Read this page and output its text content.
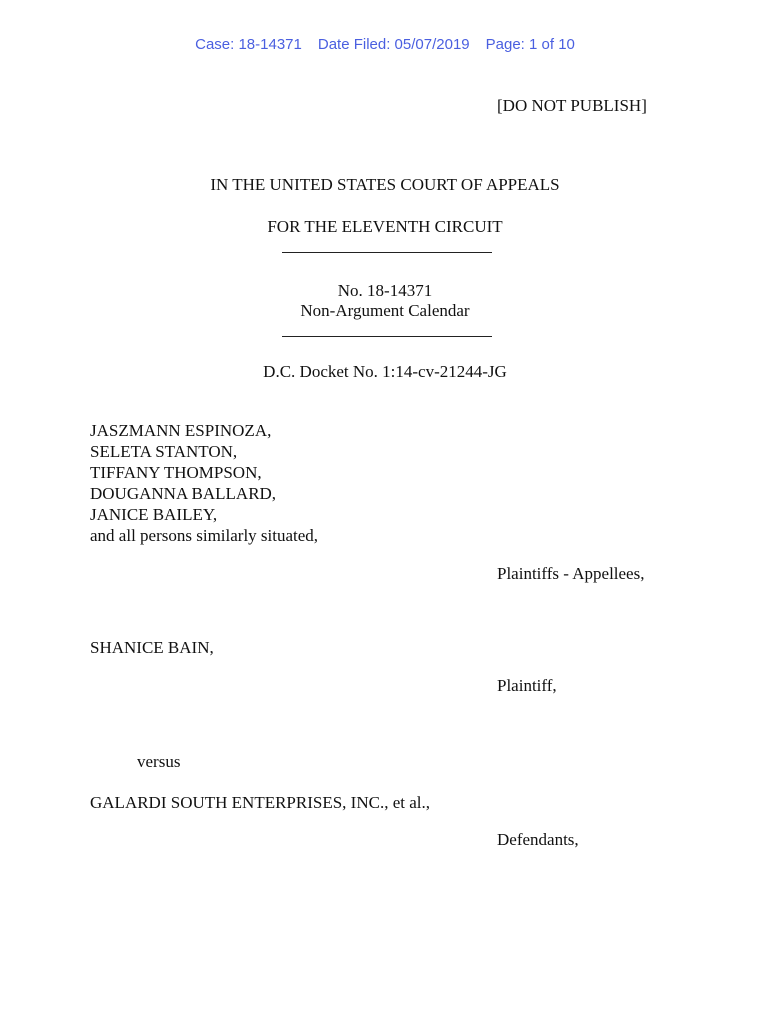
Case: 18-14371 Date Filed: 05/07/2019 Page: 1 of 10
[DO NOT PUBLISH]
IN THE UNITED STATES COURT OF APPEALS
FOR THE ELEVENTH CIRCUIT
No. 18-14371
Non-Argument Calendar
D.C. Docket No. 1:14-cv-21244-JG
JASZMANN ESPINOZA,
SELETA STANTON,
TIFFANY THOMPSON,
DOUGANNA BALLARD,
JANICE BAILEY,
and all persons similarly situated,
Plaintiffs - Appellees,
SHANICE BAIN,
Plaintiff,
versus
GALARDI SOUTH ENTERPRISES, INC., et al.,
Defendants,
